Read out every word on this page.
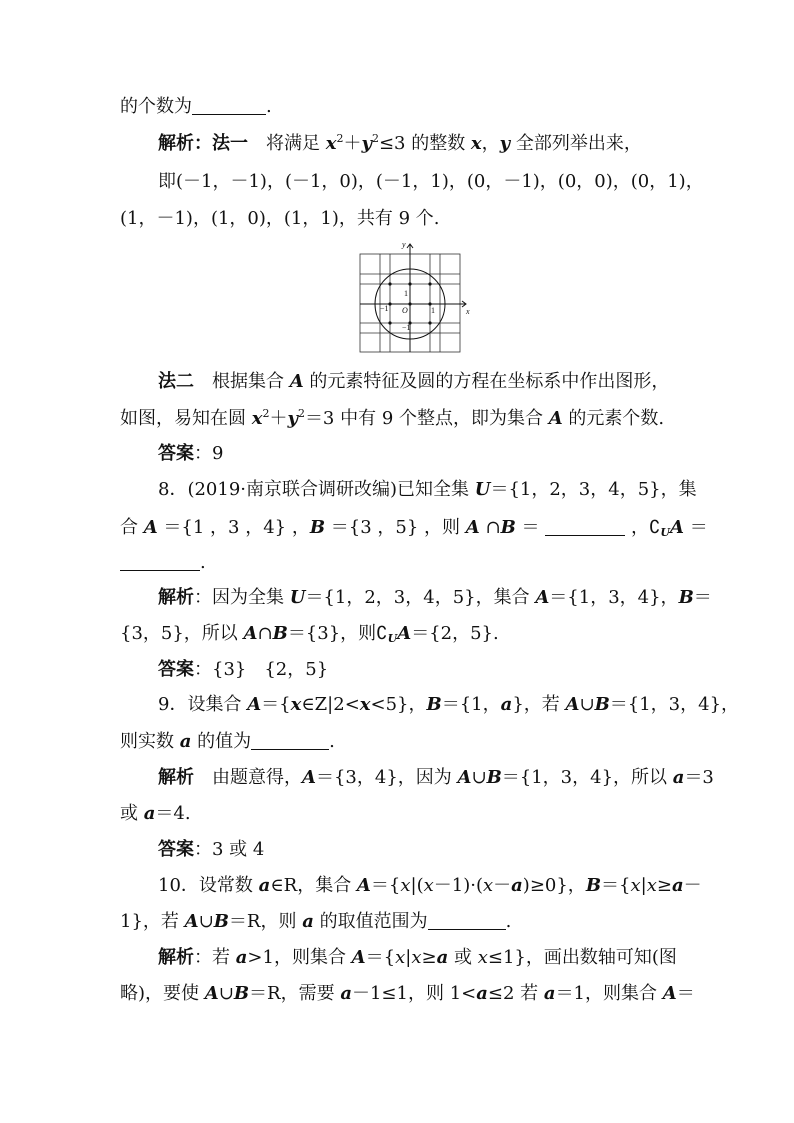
的个数为	.
解析：法一　将满足 $x^2+y^2\le 3$ 的整数 x，y 全部列举出来，
即(－1，－1)，(－1，0)，(－1，1)，(0，－1)，(0，0)，(0，1)，
(1，－1)，(1，0)，(1，1)，共有 9 个.
x
y
1
−1 O	1
−1
法二　根据集合 A 的元素特征及圆的方程在坐标系中作出图形，
如图，易知在圆 $x^2+y^2=3$ 中有 9 个整点，即为集合 A 的元素个数.
答案：9
8．(2019·南京联合调研改编)已知全集 U＝{1，2，3，4，5}，集
合 A ＝{1 ，3 ，4} ，B ＝{3 ，5} ，则 A ∩B ＝	，$∁_UA$ ＝
.
解析：因为全集 U＝{1，2，3，4，5}，集合 A＝{1，3，4}，B＝
{3，5}，所以 A∩B＝{3}，则$∁_UA=\{2$，5}.
答案：{3}　{2，5}
9．设集合 A＝{x∈Z|2<x<5}，B＝{1，a}，若 A∪B＝{1，3，4}，
则实数 a 的值为	.
解析　由题意得，A＝{3，4}，因为 A∪B＝{1，3，4}，所以 a＝3
或 a＝4.
答案：3 或 4
10．设常数 a∈R，集合 A＝{x|(x－1)·(x－a)≥0}，B＝{x|x≥a－
1}，若 A∪B＝R，则 a 的取值范围为	.
解析：若 a>1，则集合 A＝{x|x≥a 或 x≤1}，画出数轴可知(图
略)，要使 A∪B＝R，需要 a－1≤1，则 1<a≤2 若 a＝1，则集合 A＝
